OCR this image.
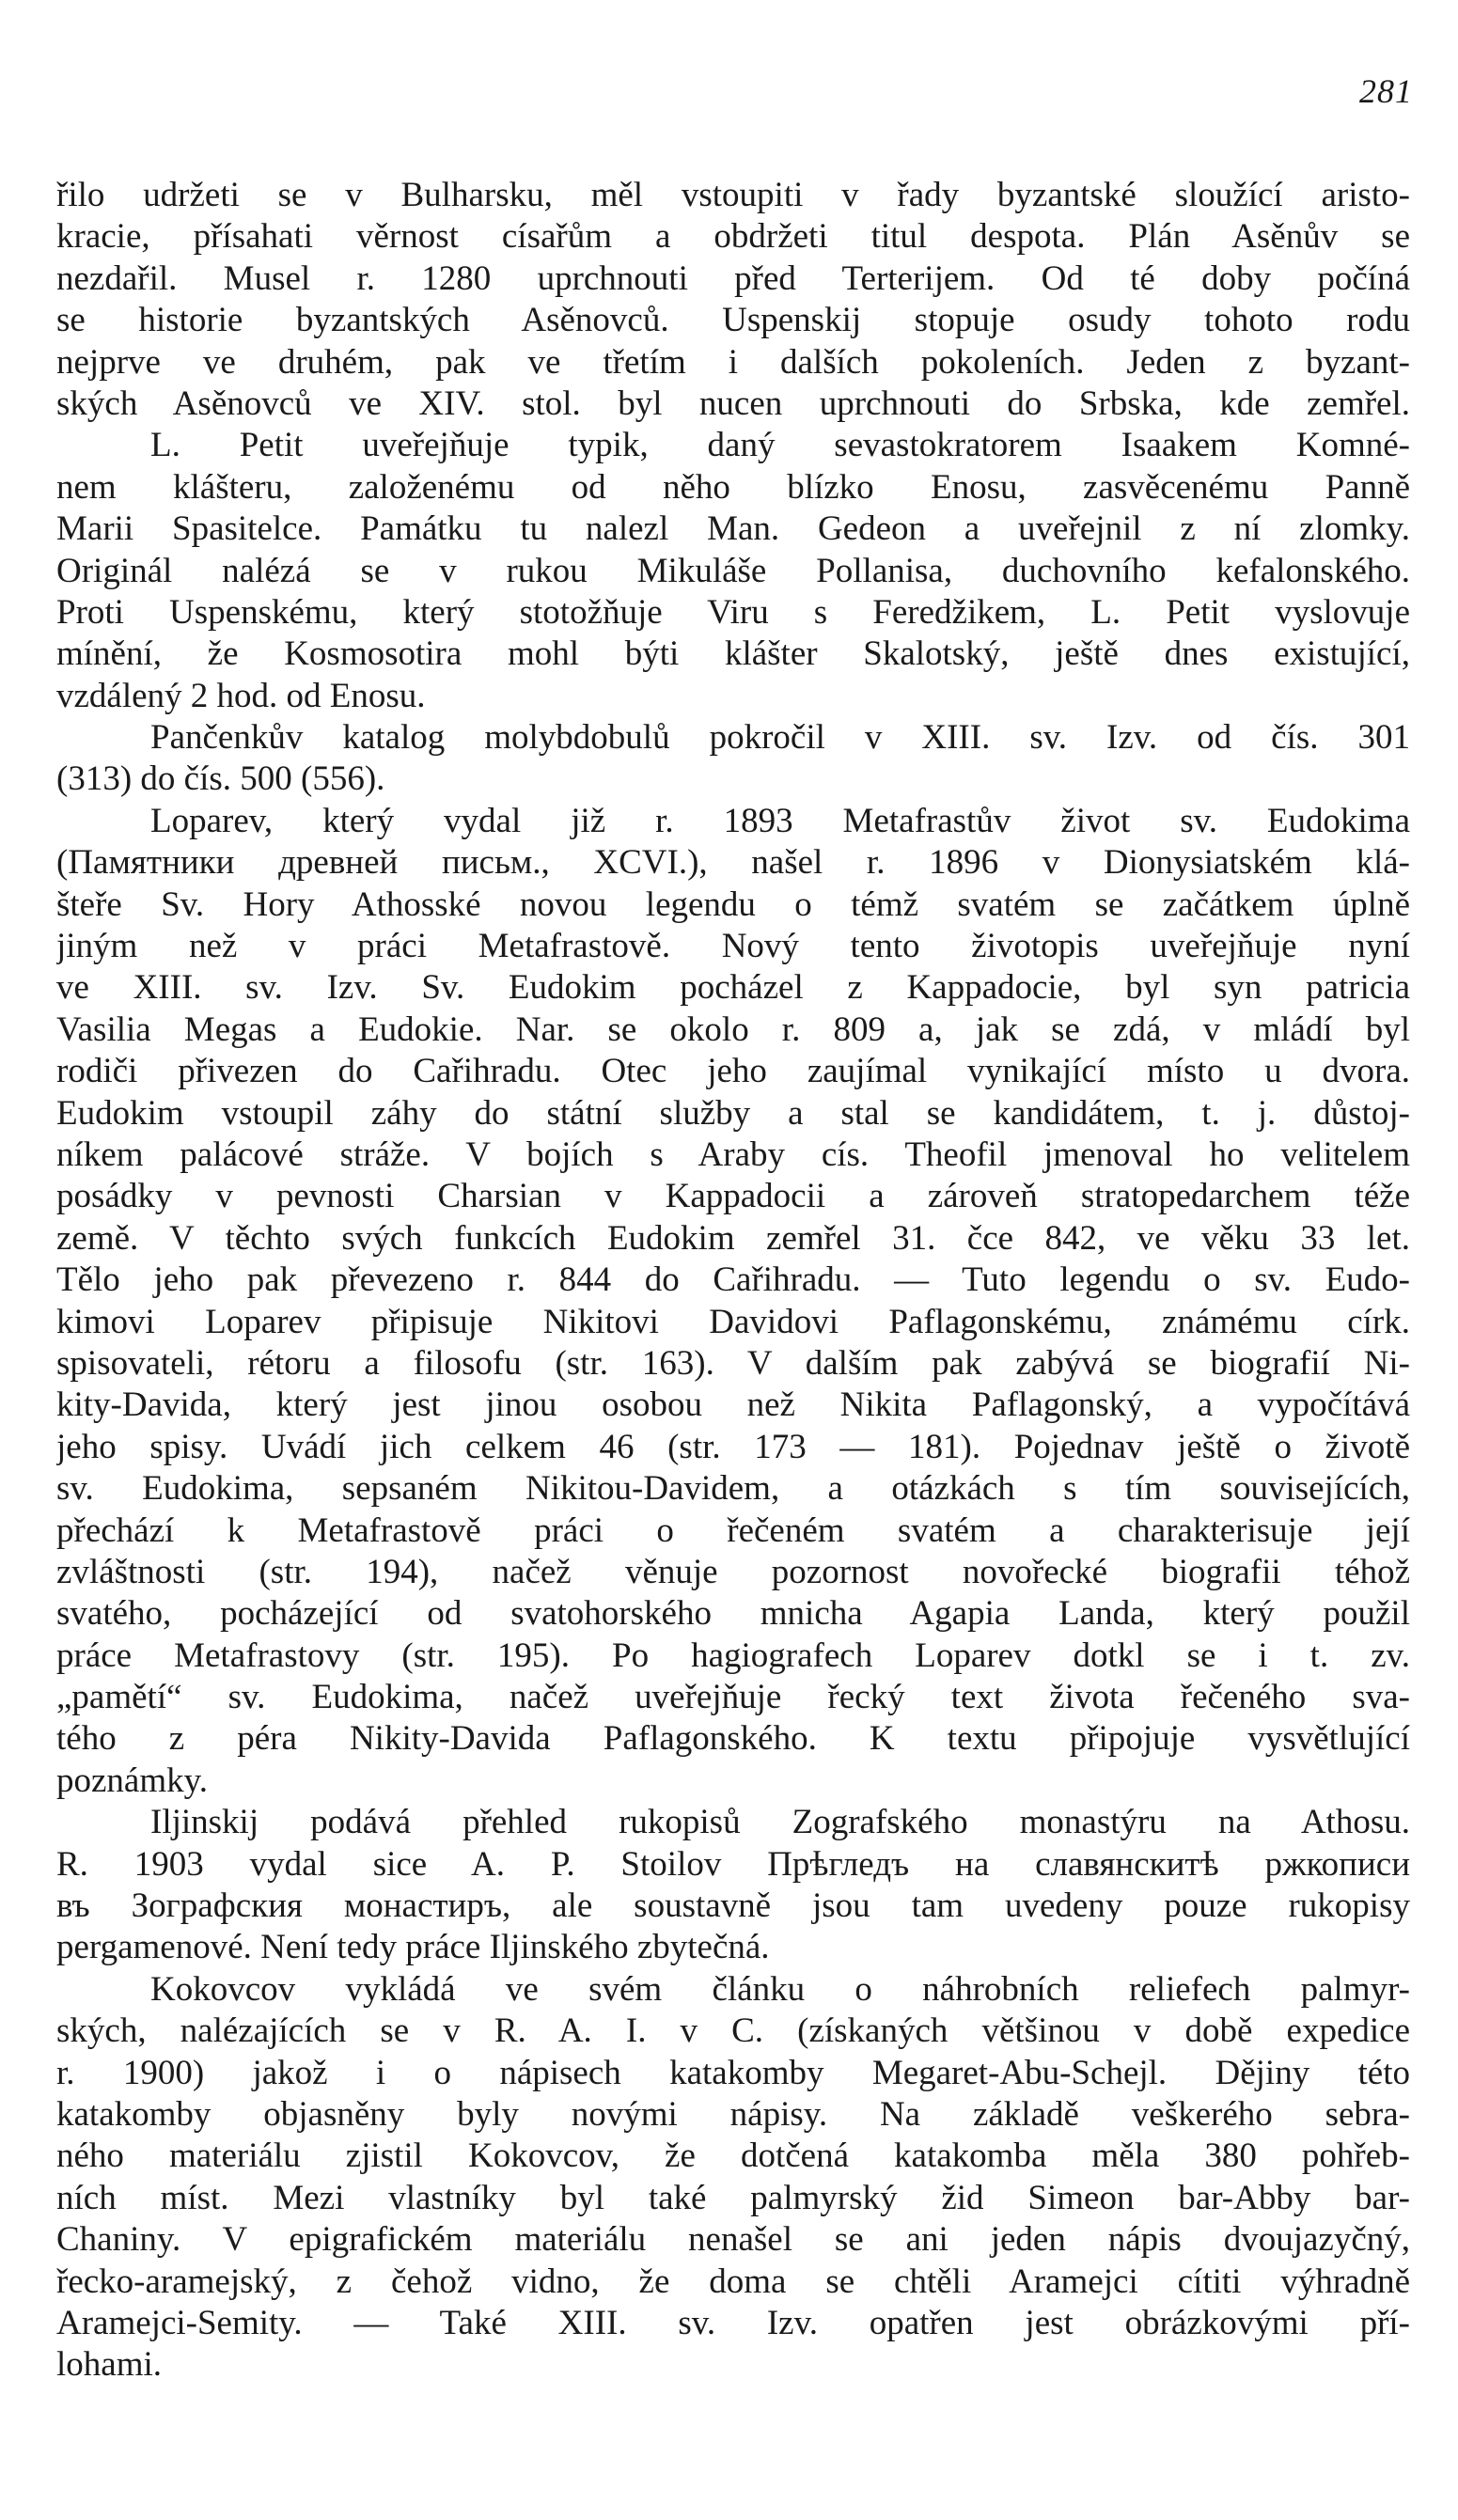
281
řilo udržeti se v Bulharsku, měl vstoupiti v řady byzantské sloužící aristo-
kracie, přísahati věrnost císařům a obdržeti titul despota. Plán Asěnův se
nezdařil. Musel r. 1280 uprchnouti před Terterijem. Od té doby počíná
se historie byzantských Asěnovců. Uspenskij stopuje osudy tohoto rodu
nejprve ve druhém, pak ve třetím i dalších pokoleních. Jeden z byzant-
ských Asěnovců ve XIV. stol. byl nucen uprchnouti do Srbska, kde zemřel.
L. Petit uveřejňuje typik, daný sevastokratorem Isaakem Komné-
nem klášteru, založenému od něho blízko Enosu, zasvěcenému Panně
Marii Spasitelce. Památku tu nalezl Man. Gedeon a uveřejnil z ní zlomky.
Originál nalézá se v rukou Mikuláše Pollanisa, duchovního kefalonského.
Proti Uspenskému, který stotožňuje Viru s Feredžikem, L. Petit vyslovuje
mínění, že Kosmosotira mohl býti klášter Skalotský, ještě dnes existující,
vzdálený 2 hod. od Enosu.
Pančenkův katalog molybdobulů pokročil v XIII. sv. Izv. od čís. 301
(313) do čís. 500 (556).
Loparev, který vydal již r. 1893 Metafrastův život sv. Eudokima
(Памятники древней письм., XCVI.), našel r. 1896 v Dionysiatském klá-
šteře Sv. Hory Athosské novou legendu o témž svatém se začátkem úplně
jiným než v práci Metafrastově. Nový tento životopis uveřejňuje nyní
ve XIII. sv. Izv. Sv. Eudokim pocházel z Kappadocie, byl syn patricia
Vasilia Megas a Eudokie. Nar. se okolo r. 809 a, jak se zdá, v mládí byl
rodiči přivezen do Cařihradu. Otec jeho zaujímal vynikající místo u dvora.
Eudokim vstoupil záhy do státní služby a stal se kandidátem, t. j. důstoj-
níkem palácové stráže. V bojích s Araby cís. Theofil jmenoval ho velitelem
posádky v pevnosti Charsian v Kappadocii a zároveň stratopedarchem téže
země. V těchto svých funkcích Eudokim zemřel 31. čce 842, ve věku 33 let.
Tělo jeho pak převezeno r. 844 do Cařihradu. — Tuto legendu o sv. Eudo-
kimovi Loparev připisuje Nikitovi Davidovi Paflagonskému, známému círk.
spisovateli, rétoru a filosofu (str. 163). V dalším pak zabývá se biografií Ni-
kity-Davida, který jest jinou osobou než Nikita Paflagonský, a vypočítává
jeho spisy. Uvádí jich celkem 46 (str. 173 — 181). Pojednav ještě o životě
sv. Eudokima, sepsaném Nikitou-Davidem, a otázkách s tím souvisejících,
přechází k Metafrastově práci o řečeném svatém a charakterisuje její
zvláštnosti (str. 194), načež věnuje pozornost novořecké biografii téhož
svatého, pocházející od svatohorského mnicha Agapia Landa, který použil
práce Metafrastovy (str. 195). Po hagiografech Loparev dotkl se i t. zv.
„pamětí“ sv. Eudokima, načež uveřejňuje řecký text života řečeného sva-
tého z péra Nikity-Davida Paflagonského. K textu připojuje vysvětlující
poznámky.
Iljinskij podává přehled rukopisů Zografského monastýru na Athosu.
R. 1903 vydal sice A. P. Stoilov Прѣгледъ на славянскитѣ ржкописи
въ Зографския монастиръ, ale soustavně jsou tam uvedeny pouze rukopisy
pergamenové. Není tedy práce Iljinského zbytečná.
Kokovcov vykládá ve svém článku o náhrobních reliefech palmyr-
ských, nalézajících se v R. A. I. v C. (získaných většinou v době expedice
r. 1900) jakož i o nápisech katakomby Megaret-Abu-Schejl. Dějiny této
katakomby objasněny byly novými nápisy. Na základě veškerého sebra-
ného materiálu zjistil Kokovcov, že dotčená katakomba měla 380 pohřeb-
ních míst. Mezi vlastníky byl také palmyrský žid Simeon bar-Abby bar-
Chaniny. V epigrafickém materiálu nenašel se ani jeden nápis dvoujazyčný,
řecko-aramejský, z čehož vidno, že doma se chtěli Aramejci cítiti výhradně
Aramejci-Semity. — Také XIII. sv. Izv. opatřen jest obrázkovými pří-
lohami.
